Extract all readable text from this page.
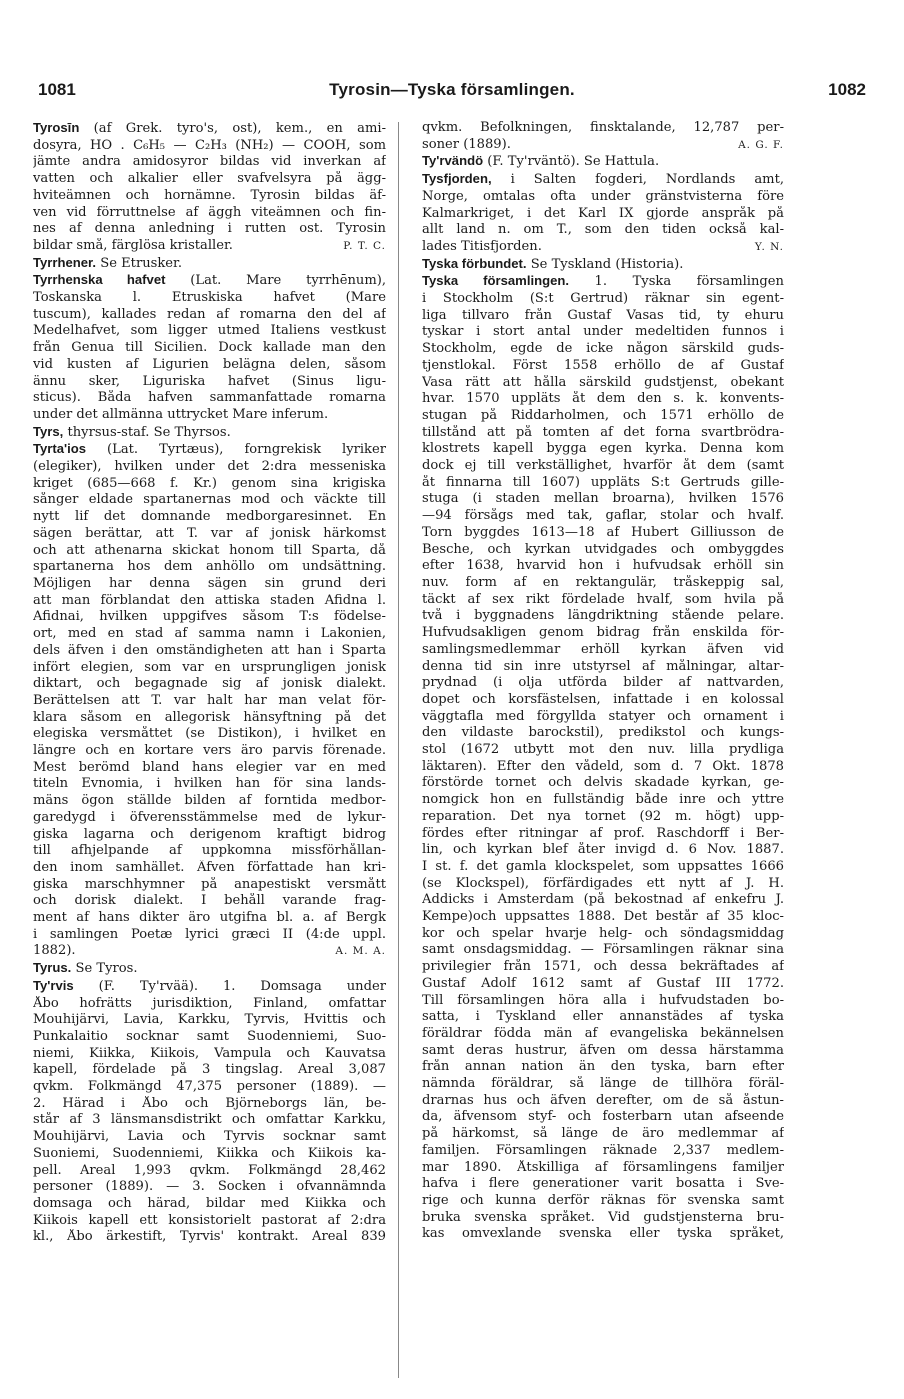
1081	Tyrosin—Tyska församlingen.	1082
Tyrosīn (af Grek. tyro's, ost), kem., en ami-
dosyra, HO . C₆H₅ — C₂H₃ (NH₂) — COOH, som
jämte andra amidosyror bildas vid inverkan af
vatten och alkalier eller svafvelsyra på ägg-
hviteämnen och hornämne. Tyrosin bildas äf-
ven vid förruttnelse af äggh viteämnen och fin-
nes af denna anledning i rutten ost. Tyrosin
P. T. C.
bildar små, färglösa kristaller.
Tyrrhener. Se Etrusker.
Tyrrhenska hafvet (Lat. Mare tyrrhēnum),
Toskanska l. Etruskiska hafvet (Mare
tuscum), kallades redan af romarna den del af
Medelhafvet, som ligger utmed Italiens vestkust
från Genua till Sicilien. Dock kallade man den
vid kusten af Ligurien belägna delen, såsom
ännu sker, Liguriska hafvet (Sinus ligu-
sticus). Båda hafven sammanfattade romarna
under det allmänna uttrycket Mare inferum.
Tyrs, thyrsus-staf. Se Thyrsos.
Tyrta'ios (Lat. Tyrtæus), forngrekisk lyriker
(elegiker), hvilken under det 2:dra messeniska
kriget (685—668 f. Kr.) genom sina krigiska
sånger eldade spartanernas mod och väckte till
nytt lif det domnande medborgaresinnet. En
sägen berättar, att T. var af jonisk härkomst
och att athenarna skickat honom till Sparta, då
spartanerna hos dem anhöllo om undsättning.
Möjligen har denna sägen sin grund deri
att man förblandat den attiska staden Afidna l.
Afidnai, hvilken uppgifves såsom T:s födelse-
ort, med en stad af samma namn i Lakonien,
dels äfven i den omständigheten att han i Sparta
infört elegien, som var en ursprungligen jonisk
diktart, och begagnade sig af jonisk dialekt.
Berättelsen att T. var halt har man velat för-
klara såsom en allegorisk hänsyftning på det
elegiska versmåttet (se Distikon), i hvilket en
längre och en kortare vers äro parvis förenade.
Mest berömd bland hans elegier var en med
titeln Evnomia, i hvilken han för sina lands-
mäns ögon ställde bilden af forntida medbor-
garedygd i öfverensstämmelse med de lykur-
giska lagarna och derigenom kraftigt bidrog
till afhjelpande af uppkomna missförhållan-
den inom samhället. Äfven författade han kri-
giska marschhymner på anapestiskt versmått
och dorisk dialekt. I behåll varande frag-
ment af hans dikter äro utgifna bl. a. af Bergk
i samlingen Poetæ lyrici græci II (4:de uppl.
A. M. A.
1882).
Tyrus. Se Tyros.
Ty'rvis (F. Ty'rvää). 1. Domsaga under
Åbo hofrätts jurisdiktion, Finland, omfattar
Mouhijärvi, Lavia, Karkku, Tyrvis, Hvittis och
Punkalaitio socknar samt Suodenniemi, Suo-
niemi, Kiikka, Kiikois, Vampula och Kauvatsa
kapell, fördelade på 3 tingslag. Areal 3,087
qvkm. Folkmängd 47,375 personer (1889). —
2. Härad i Åbo och Björneborgs län, be-
står af 3 länsmansdistrikt och omfattar Karkku,
Mouhijärvi, Lavia och Tyrvis socknar samt
Suoniemi, Suodenniemi, Kiikka och Kiikois ka-
pell. Areal 1,993 qvkm. Folkmängd 28,462
personer (1889). — 3. Socken i ofvannämnda
domsaga och härad, bildar med Kiikka och
Kiikois kapell ett konsistorielt pastorat af 2:dra
kl., Åbo ärkestift, Tyrvis' kontrakt. Areal 839
qvkm. Befolkningen, finsktalande, 12,787 per-
A. G. F.
soner (1889).
Ty'rvändö (F. Ty'rväntö). Se Hattula.
Tysfjorden, i Salten fogderi, Nordlands amt,
Norge, omtalas ofta under gränstvisterna före
Kalmarkriget, i det Karl IX gjorde anspråk på
allt land n. om T., som den tiden också kal-
Y. N.
lades Titisfjorden.
Tyska förbundet. Se Tyskland (Historia).
Tyska församlingen. 1. Tyska församlingen
i Stockholm (S:t Gertrud) räknar sin egent-
liga tillvaro från Gustaf Vasas tid, ty ehuru
tyskar i stort antal under medeltiden funnos i
Stockholm, egde de icke någon särskild guds-
tjenstlokal. Först 1558 erhöllo de af Gustaf
Vasa rätt att hålla särskild gudstjenst, obekant
hvar. 1570 uppläts åt dem den s. k. konvents-
stugan på Riddarholmen, och 1571 erhöllo de
tillstånd att på tomten af det forna svartbrödra-
klostrets kapell bygga egen kyrka. Denna kom
dock ej till verkställighet, hvarför åt dem (samt
åt finnarna till 1607) uppläts S:t Gertruds gille-
stuga (i staden mellan broarna), hvilken 1576
—94 försågs med tak, gaflar, stolar och hvalf.
Torn byggdes 1613—18 af Hubert Gilliusson de
Besche, och kyrkan utvidgades och ombyggdes
efter 1638, hvarvid hon i hufvudsak erhöll sin
nuv. form af en rektangulär, tråskeppig sal,
täckt af sex rikt fördelade hvalf, som hvila på
två i byggnadens längdriktning stående pelare.
Hufvudsakligen genom bidrag från enskilda för-
samlingsmedlemmar erhöll kyrkan äfven vid
denna tid sin inre utstyrsel af målningar, altar-
prydnad (i olja utförda bilder af nattvarden,
dopet och korsfästelsen, infattade i en kolossal
väggtafla med förgyllda statyer och ornament i
den vildaste barockstil), predikstol och kungs-
stol (1672 utbytt mot den nuv. lilla prydliga
läktaren). Efter den vådeld, som d. 7 Okt. 1878
förstörde tornet och delvis skadade kyrkan, ge-
nomgick hon en fullständig både inre och yttre
reparation. Det nya tornet (92 m. högt) upp-
fördes efter ritningar af prof. Raschdorff i Ber-
lin, och kyrkan blef åter invigd d. 6 Nov. 1887.
I st. f. det gamla klockspelet, som uppsattes 1666
(se Klockspel), förfärdigades ett nytt af J. H.
Addicks i Amsterdam (på bekostnad af enkefru J.
Kempe)och uppsattes 1888. Det består af 35 kloc-
kor och spelar hvarje helg- och söndagsmiddag
samt onsdagsmiddag. — Församlingen räknar sina
privilegier från 1571, och dessa bekräftades af
Gustaf Adolf 1612 samt af Gustaf III 1772.
Till församlingen höra alla i hufvudstaden bo-
satta, i Tyskland eller annanstädes af tyska
föräldrar födda män af evangeliska bekännelsen
samt deras hustrur, äfven om dessa härstamma
från annan nation än den tyska, barn efter
nämnda föräldrar, så länge de tillhöra föräl-
drarnas hus och äfven derefter, om de så åstun-
da, äfvensom styf- och fosterbarn utan afseende
på härkomst, så länge de äro medlemmar af
familjen. Församlingen räknade 2,337 medlem-
mar 1890. Åtskilliga af församlingens familjer
hafva i flere generationer varit bosatta i Sve-
rige och kunna derför räknas för svenska samt
bruka svenska språket. Vid gudstjensterna bru-
kas omvexlande svenska eller tyska språket,
